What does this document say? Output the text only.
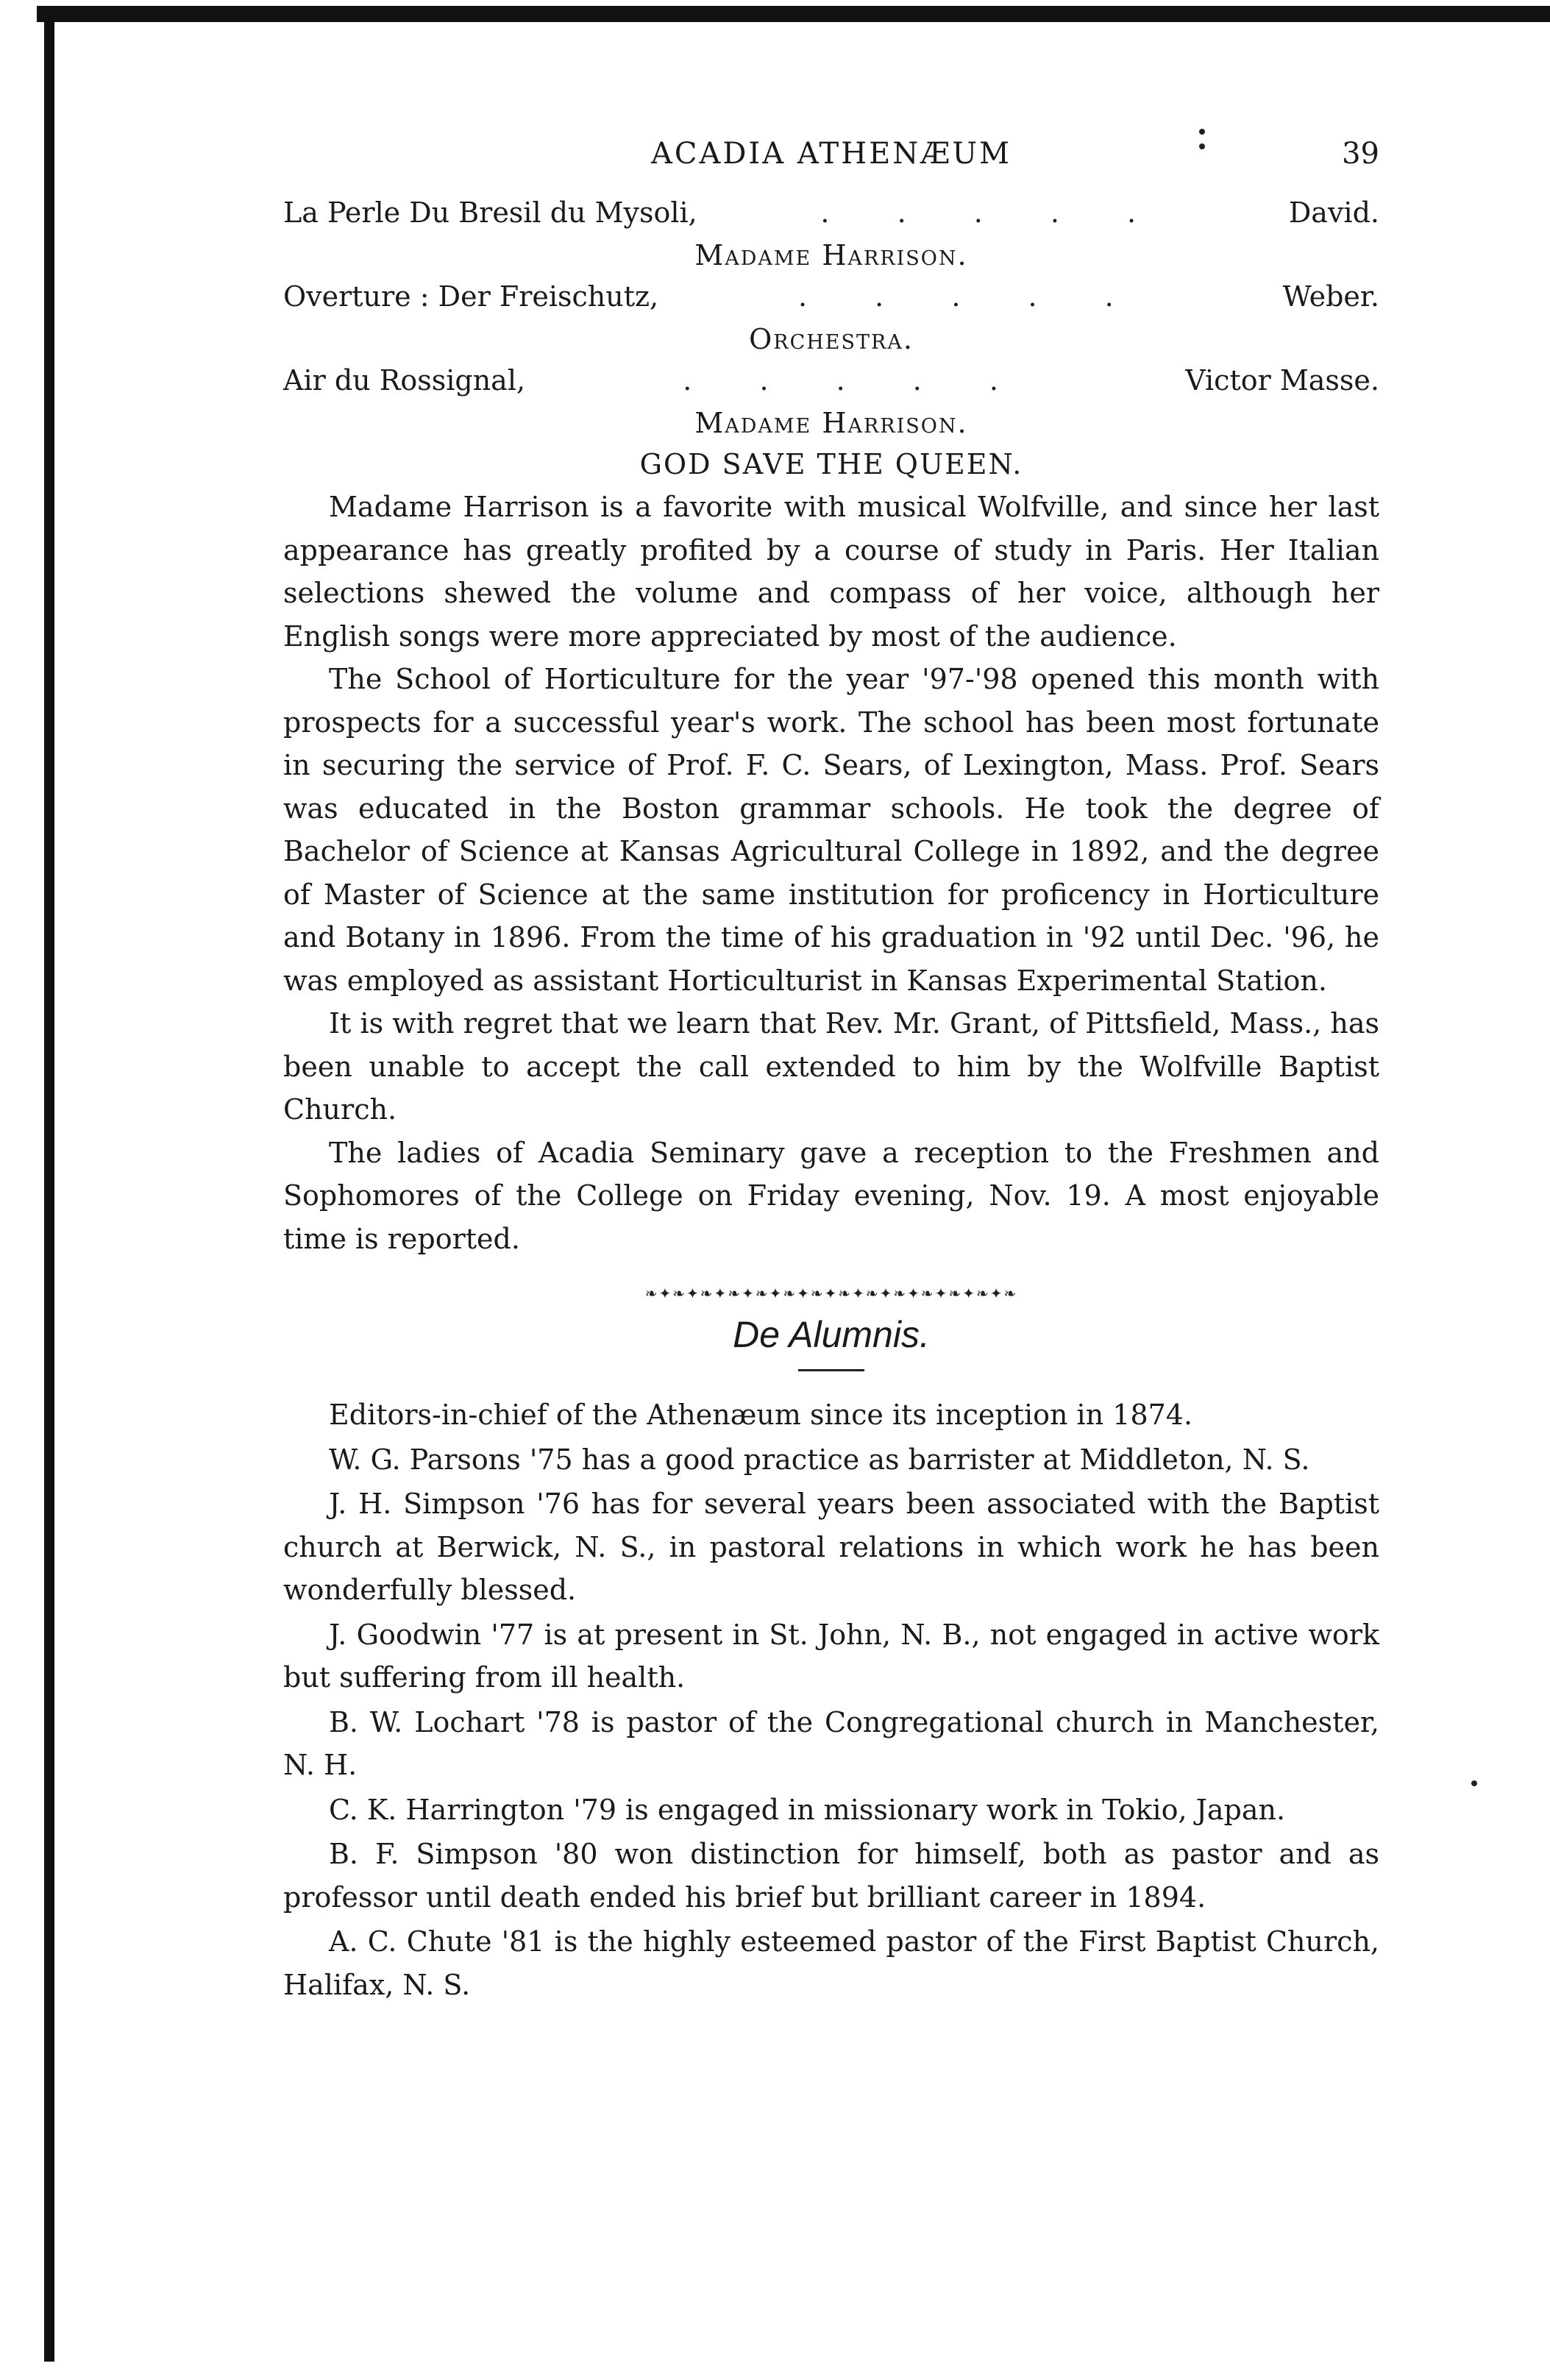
ACADIA ATHENÆUM	39
La Perle Du Bresil du Mysoli,	. . . . .	David.
Madame Harrison.
Overture : Der Freischutz,	. . . . .	Weber.
Orchestra.
Air du Rossignal,	. . . . .	Victor Masse.
Madame Harrison.
GOD SAVE THE QUEEN.

Madame Harrison is a favorite with musical Wolfville, and since her last appearance has greatly profited by a course of study in Paris. Her Italian selections shewed the volume and compass of her voice, although her English songs were more appreciated by most of the audience.

The School of Horticulture for the year '97-'98 opened this month with prospects for a successful year's work. The school has been most fortunate in securing the service of Prof. F. C. Sears, of Lexington, Mass. Prof. Sears was educated in the Boston grammar schools. He took the degree of Bachelor of Science at Kansas Agricultural College in 1892, and the degree of Master of Science at the same institution for proficency in Horticulture and Botany in 1896. From the time of his graduation in '92 until Dec. '96, he was employed as assistant Horticulturist in Kansas Experimental Station.

It is with regret that we learn that Rev. Mr. Grant, of Pittsfield, Mass., has been unable to accept the call extended to him by the Wolfville Baptist Church.

The ladies of Acadia Seminary gave a reception to the Freshmen and Sophomores of the College on Friday evening, Nov. 19. A most enjoyable time is reported.

❧✦❧✦❧✦❧✦❧✦❧✦❧✦❧✦❧✦❧✦❧✦❧✦❧✦❧
De Alumnis.

Editors-in-chief of the Athenæum since its inception in 1874.

W. G. Parsons '75 has a good practice as barrister at Middleton, N. S.

J. H. Simpson '76 has for several years been associated with the Baptist church at Berwick, N. S., in pastoral relations in which work he has been wonderfully blessed.

J. Goodwin '77 is at present in St. John, N. B., not engaged in active work but suffering from ill health.

B. W. Lochart '78 is pastor of the Congregational church in Manchester, N. H.

C. K. Harrington '79 is engaged in missionary work in Tokio, Japan.

B. F. Simpson '80 won distinction for himself, both as pastor and as professor until death ended his brief but brilliant career in 1894.

A. C. Chute '81 is the highly esteemed pastor of the First Baptist Church, Halifax, N. S.
